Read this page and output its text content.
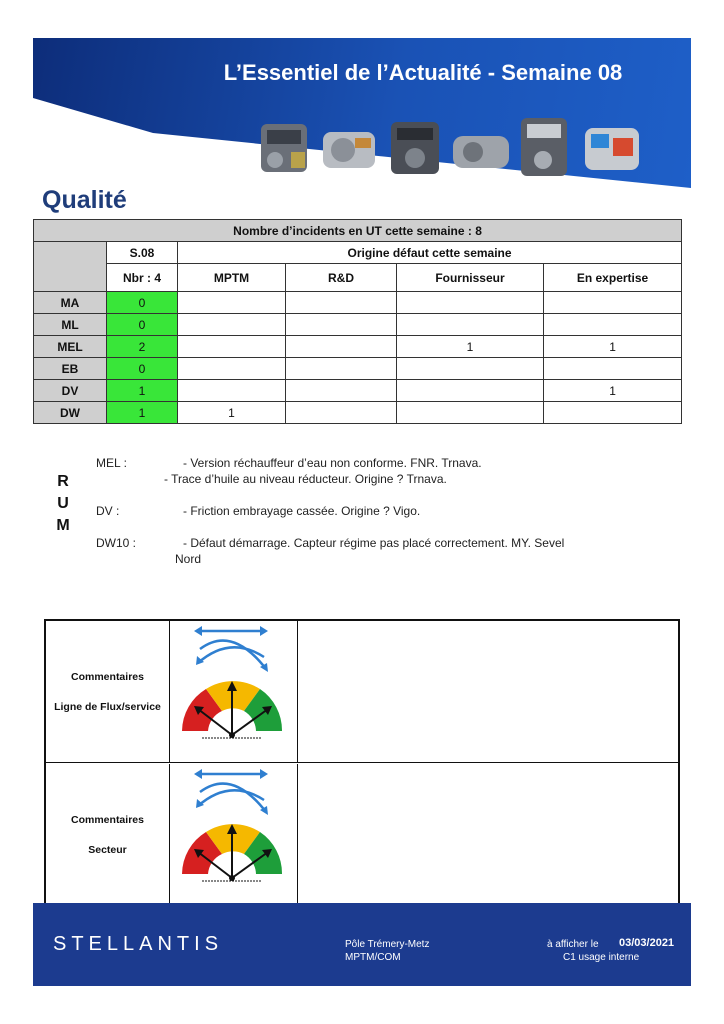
L’Essentiel de l’Actualité - Semaine 08
Qualité
Nombre d’incidents en UT cette semaine : 8					
	S.08	Origine défaut cette semaine			
	Nbr : 4	MPTM	R&D	Fournisseur	En expertise
MA	0				
ML	0				
MEL	2			1	1
EB	0				
DV	1				1
DW	1	1			
R
U
M
MEL :	- Version réchauffeur d’eau non conforme. FNR. Trnava.
- Trace d’huile au niveau réducteur. Origine ? Trnava.
DV :	- Friction embrayage cassée. Origine ? Vigo.
DW10 :	- Défaut démarrage. Capteur régime pas placé correctement. MY. Sevel
Nord
Commentaires
Ligne de Flux/service
Commentaires
Secteur
STELLANTIS	Pôle Trémery-Metz
MPTM/COM
à afficher le 03/03/2021
C1 usage interne
